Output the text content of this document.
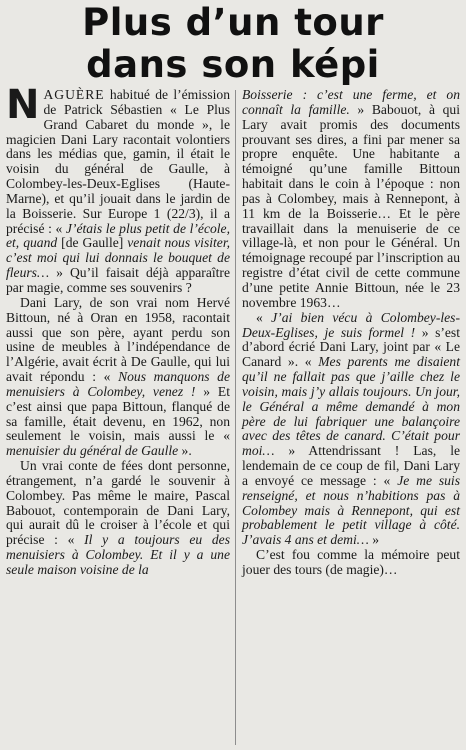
Plus d’un tour
dans son képi

NAGUÈRE habitué de l’émission de Patrick Sébastien « Le Plus Grand Cabaret du monde », le magicien Dani Lary racontait volontiers dans les médias que, gamin, il était le voisin du général de Gaulle, à Colombey-les-Deux-Eglises (Haute-Marne), et qu’il jouait dans le jardin de la Boisserie. Sur Europe 1 (22/3), il a précisé : « J’étais le plus petit de l’école, et, quand [de Gaulle] venait nous visiter, c’est moi qui lui donnais le bouquet de fleurs… » Qu’il faisait déjà apparaître par magie, comme ses souvenirs ?

Dani Lary, de son vrai nom Hervé Bittoun, né à Oran en 1958, racontait aussi que son père, ayant perdu son usine de meubles à l’indépendance de l’Algérie, avait écrit à De Gaulle, qui lui avait répondu : « Nous manquons de menuisiers à Colombey, venez ! » Et c’est ainsi que papa Bittoun, flanqué de sa famille, était devenu, en 1962, non seulement le voisin, mais aussi le « menuisier du général de Gaulle ».

Un vrai conte de fées dont personne, étrangement, n’a gardé le souvenir à Colombey. Pas même le maire, Pascal Babouot, contemporain de Dani Lary, qui aurait dû le croiser à l’école et qui précise : « Il y a toujours eu des menuisiers à Colombey. Et il y a une seule maison voisine de la

Boisserie : c’est une ferme, et on connaît la famille. » Babouot, à qui Lary avait promis des documents prouvant ses dires, a fini par mener sa propre enquête. Une habitante a témoigné qu’une famille Bittoun habitait dans le coin à l’époque : non pas à Colombey, mais à Rennepont, à 11 km de la Boisserie… Et le père travaillait dans la menuiserie de ce village-là, et non pour le Général. Un témoignage recoupé par l’inscription au registre d’état civil de cette commune d’une petite Annie Bittoun, née le 23 novembre 1963…

« J’ai bien vécu à Colombey-les-Deux-Eglises, je suis formel ! » s’est d’abord écrié Dani Lary, joint par « Le Canard ». « Mes parents me disaient qu’il ne fallait pas que j’aille chez le voisin, mais j’y allais toujours. Un jour, le Général a même demandé à mon père de lui fabriquer une balançoire avec des têtes de canard. C’était pour moi… » Attendrissant ! Las, le lendemain de ce coup de fil, Dani Lary a envoyé ce message : « Je me suis renseigné, et nous n’habitions pas à Colombey mais à Rennepont, qui est probablement le petit village à côté. J’avais 4 ans et demi… »

C’est fou comme la mémoire peut jouer des tours (de magie)…
